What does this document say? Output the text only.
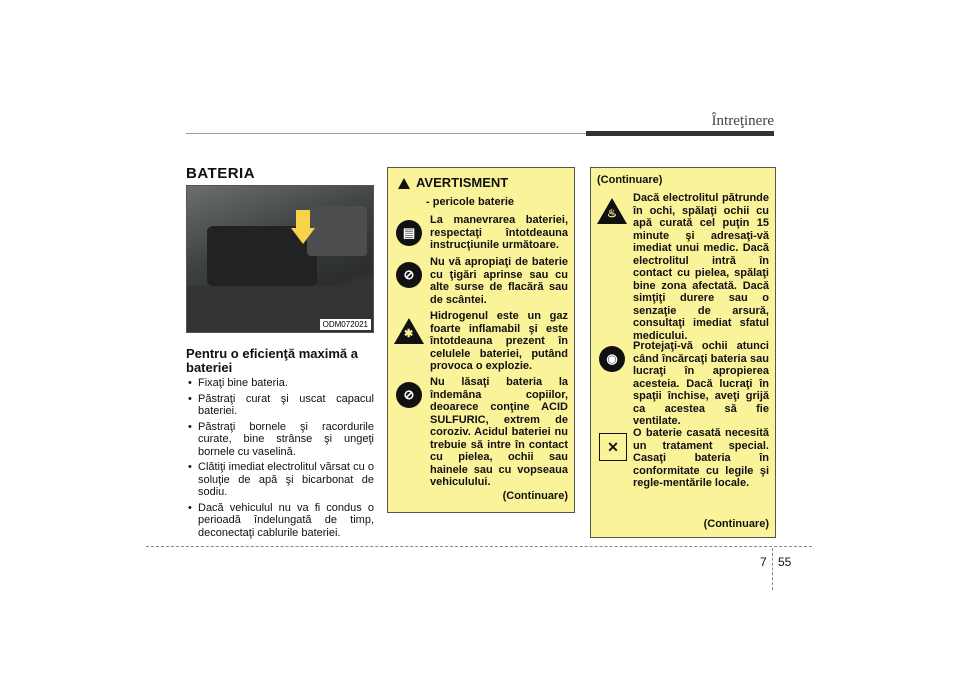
Întreţinere
BATERIA
ODM072021
Pentru o eficienţă maximă a bateriei
• Fixaţi bine bateria.
• Păstraţi curat şi uscat capacul bateriei.
• Păstraţi bornele şi racordurile curate, bine strânse şi ungeţi bornele cu vaselină.
• Clătiţi imediat electrolitul vărsat cu o soluţie de apă şi bicarbonat de sodiu.
• Dacă vehiculul nu va fi condus o perioadă îndelungată de timp, deconectaţi cablurile bateriei.
AVERTISMENT
- pericole baterie
▤
La manevrarea bateriei, respectaţi întotdeauna instrucţiunile următoare.
⊘
Nu vă apropiaţi de baterie cu ţigări aprinse sau cu alte surse de flacără sau de scântei.
✱
Hidrogenul este un gaz foarte inflamabil şi este întotdeauna prezent în celulele bateriei, putând provoca o explozie.
⊘
Nu lăsaţi bateria la îndemâna copiilor, deoarece conţine ACID SULFURIC, extrem de coroziv. Acidul bateriei nu trebuie să intre în contact cu pielea, ochii sau hainele sau cu vopseaua vehiculului.
(Continuare)
(Continuare)
♨
Dacă electrolitul pătrunde în ochi, spălaţi ochii cu apă curată cel puţin 15 minute şi adresaţi-vă imediat unui medic. Dacă electrolitul intră în contact cu pielea, spălaţi bine zona afectată. Dacă simţiţi durere sau o senzaţie de arsură, consultaţi imediat sfatul medicului.
◉
Protejaţi-vă ochii atunci când încărcaţi bateria sau lucraţi în apropierea acesteia. Dacă lucraţi în spaţii închise, aveţi grijă ca acestea să fie ventilate.
✕
O baterie casată necesită un tratament special. Casaţi bateria în conformitate cu legile şi regle-mentările locale.
(Continuare)
7 55
